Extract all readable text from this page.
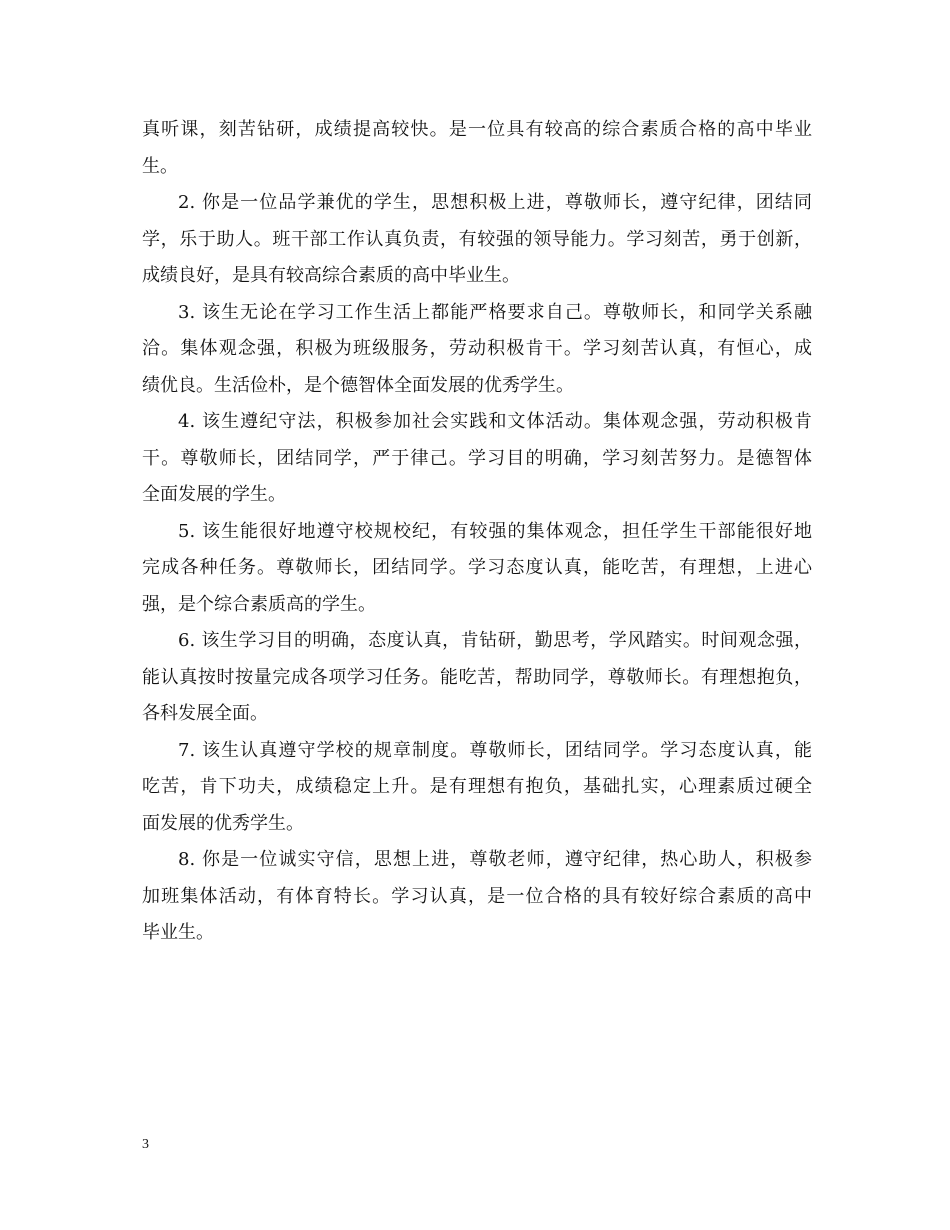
真听课，刻苦钻研，成绩提高较快。是一位具有较高的综合素质合格的高中毕业
生。
2. 你是一位品学兼优的学生，思想积极上进，尊敬师长，遵守纪律，团结同
学，乐于助人。班干部工作认真负责，有较强的领导能力。学习刻苦，勇于创新，
成绩良好，是具有较高综合素质的高中毕业生。
3. 该生无论在学习工作生活上都能严格要求自己。尊敬师长，和同学关系融
洽。集体观念强，积极为班级服务，劳动积极肯干。学习刻苦认真，有恒心，成
绩优良。生活俭朴，是个德智体全面发展的优秀学生。
4. 该生遵纪守法，积极参加社会实践和文体活动。集体观念强，劳动积极肯
干。尊敬师长，团结同学，严于律己。学习目的明确，学习刻苦努力。是德智体
全面发展的学生。
5. 该生能很好地遵守校规校纪，有较强的集体观念，担任学生干部能很好地
完成各种任务。尊敬师长，团结同学。学习态度认真，能吃苦，有理想，上进心
强，是个综合素质高的学生。
6. 该生学习目的明确，态度认真，肯钻研，勤思考，学风踏实。时间观念强，
能认真按时按量完成各项学习任务。能吃苦，帮助同学，尊敬师长。有理想抱负，
各科发展全面。
7. 该生认真遵守学校的规章制度。尊敬师长，团结同学。学习态度认真，能
吃苦，肯下功夫，成绩稳定上升。是有理想有抱负，基础扎实，心理素质过硬全
面发展的优秀学生。
8. 你是一位诚实守信，思想上进，尊敬老师，遵守纪律，热心助人，积极参
加班集体活动，有体育特长。学习认真，是一位合格的具有较好综合素质的高中
毕业生。
3
